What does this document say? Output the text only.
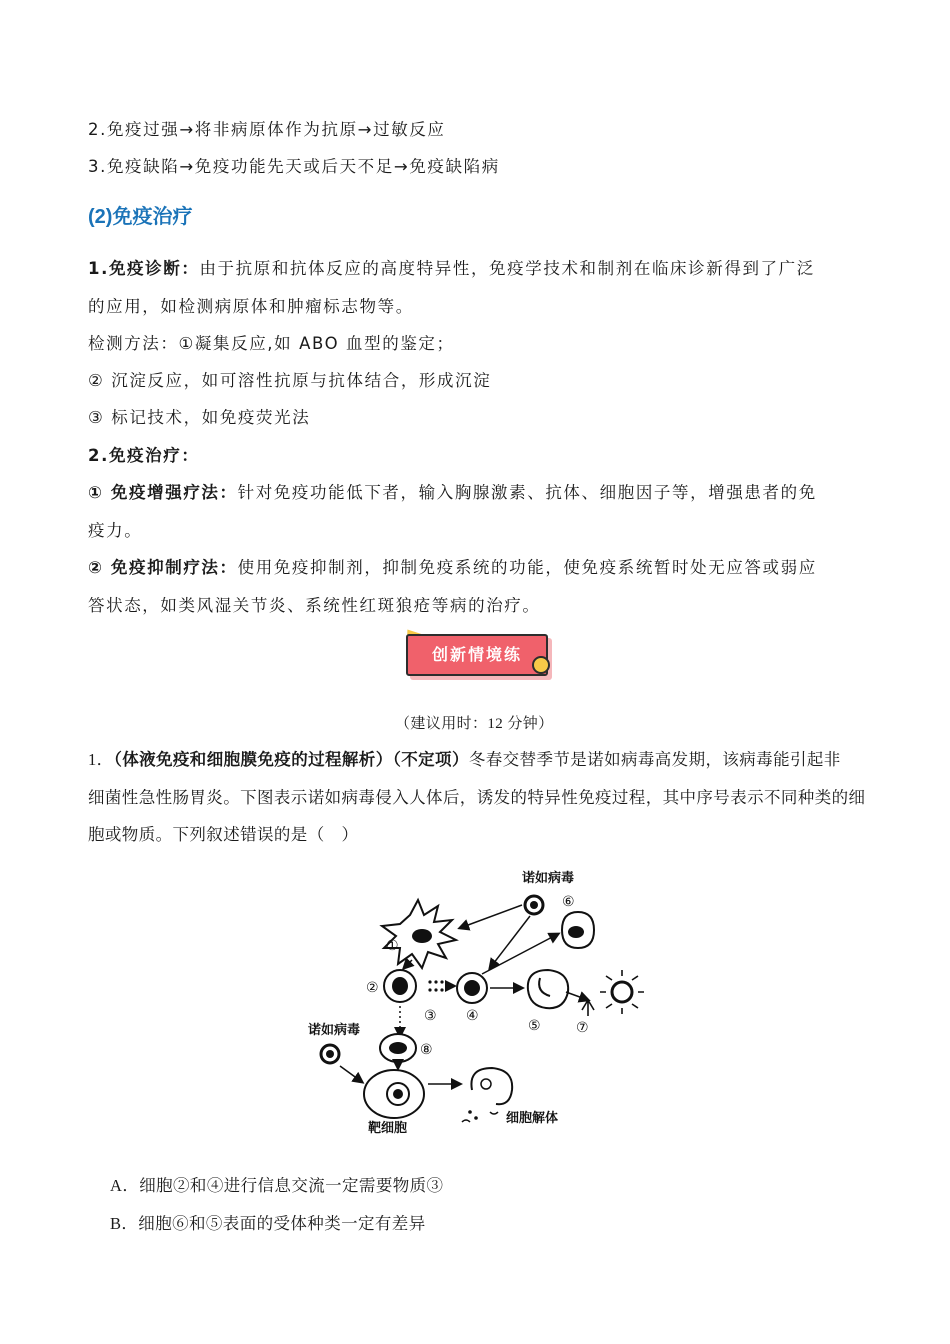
2.免疫过强→将非病原体作为抗原→过敏反应
3.免疫缺陷→免疫功能先天或后天不足→免疫缺陷病
(2)免疫治疗
1.免疫诊断：由于抗原和抗体反应的高度特异性，免疫学技术和制剂在临床诊新得到了广泛
的应用，如检测病原体和肿瘤标志物等。
检测方法：①凝集反应,如 ABO 血型的鉴定；
② 沉淀反应，如可溶性抗原与抗体结合，形成沉淀
③ 标记技术，如免疫荧光法
2.免疫治疗：
① 免疫增强疗法：针对免疫功能低下者，输入胸腺激素、抗体、细胞因子等，增强患者的免
疫力。
② 免疫抑制疗法：使用免疫抑制剂，抑制免疫系统的功能，使免疫系统暂时处无应答或弱应
答状态，如类风湿关节炎、系统性红斑狼疮等病的治疗。
创新情境练
（建议用时：12 分钟）
1．（体液免疫和细胞膜免疫的过程解析）（不定项）冬春交替季节是诺如病毒高发期，该病毒能引起非
细菌性急性肠胃炎。下图表示诺如病毒侵入人体后，诱发的特异性免疫过程，其中序号表示不同种类的细
胞或物质。下列叙述错误的是（　）
诺如病毒
①
⑥
②
③ ④
⑤	⑦
⑧
诺如病毒
靶细胞
细胞解体
A．细胞②和④进行信息交流一定需要物质③
B．细胞⑥和⑤表面的受体种类一定有差异
